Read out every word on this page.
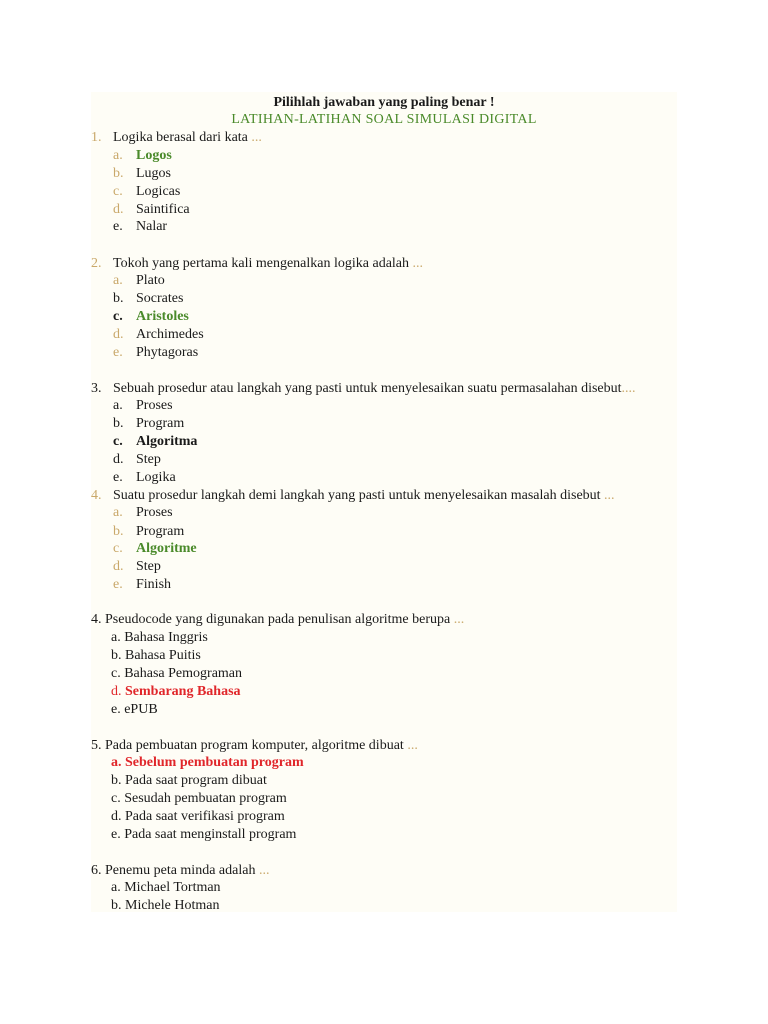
Pilihlah jawaban yang paling benar !
LATIHAN-LATIHAN SOAL SIMULASI DIGITAL
1. Logika berasal dari kata ...
a. Logos
b. Lugos
c. Logicas
d. Saintifica
e. Nalar
2. Tokoh yang pertama kali mengenalkan logika adalah ...
a. Plato
b. Socrates
c. Aristoles
d. Archimedes
e. Phytagoras
3. Sebuah prosedur atau langkah yang pasti untuk menyelesaikan suatu permasalahan disebut....
a. Proses
b. Program
c. Algoritma
d. Step
e. Logika
4. Suatu prosedur langkah demi langkah yang pasti untuk menyelesaikan masalah disebut ...
a. Proses
b. Program
c. Algoritme
d. Step
e. Finish
4. Pseudocode yang digunakan pada penulisan algoritme berupa ...
a. Bahasa Inggris
b. Bahasa Puitis
c. Bahasa Pemograman
d. Sembarang Bahasa
e. ePUB
5. Pada pembuatan program komputer, algoritme dibuat ...
a. Sebelum pembuatan program
b. Pada saat program dibuat
c. Sesudah pembuatan program
d. Pada saat verifikasi program
e. Pada saat menginstall program
6. Penemu peta minda adalah ...
a. Michael Tortman
b. Michele Hotman
